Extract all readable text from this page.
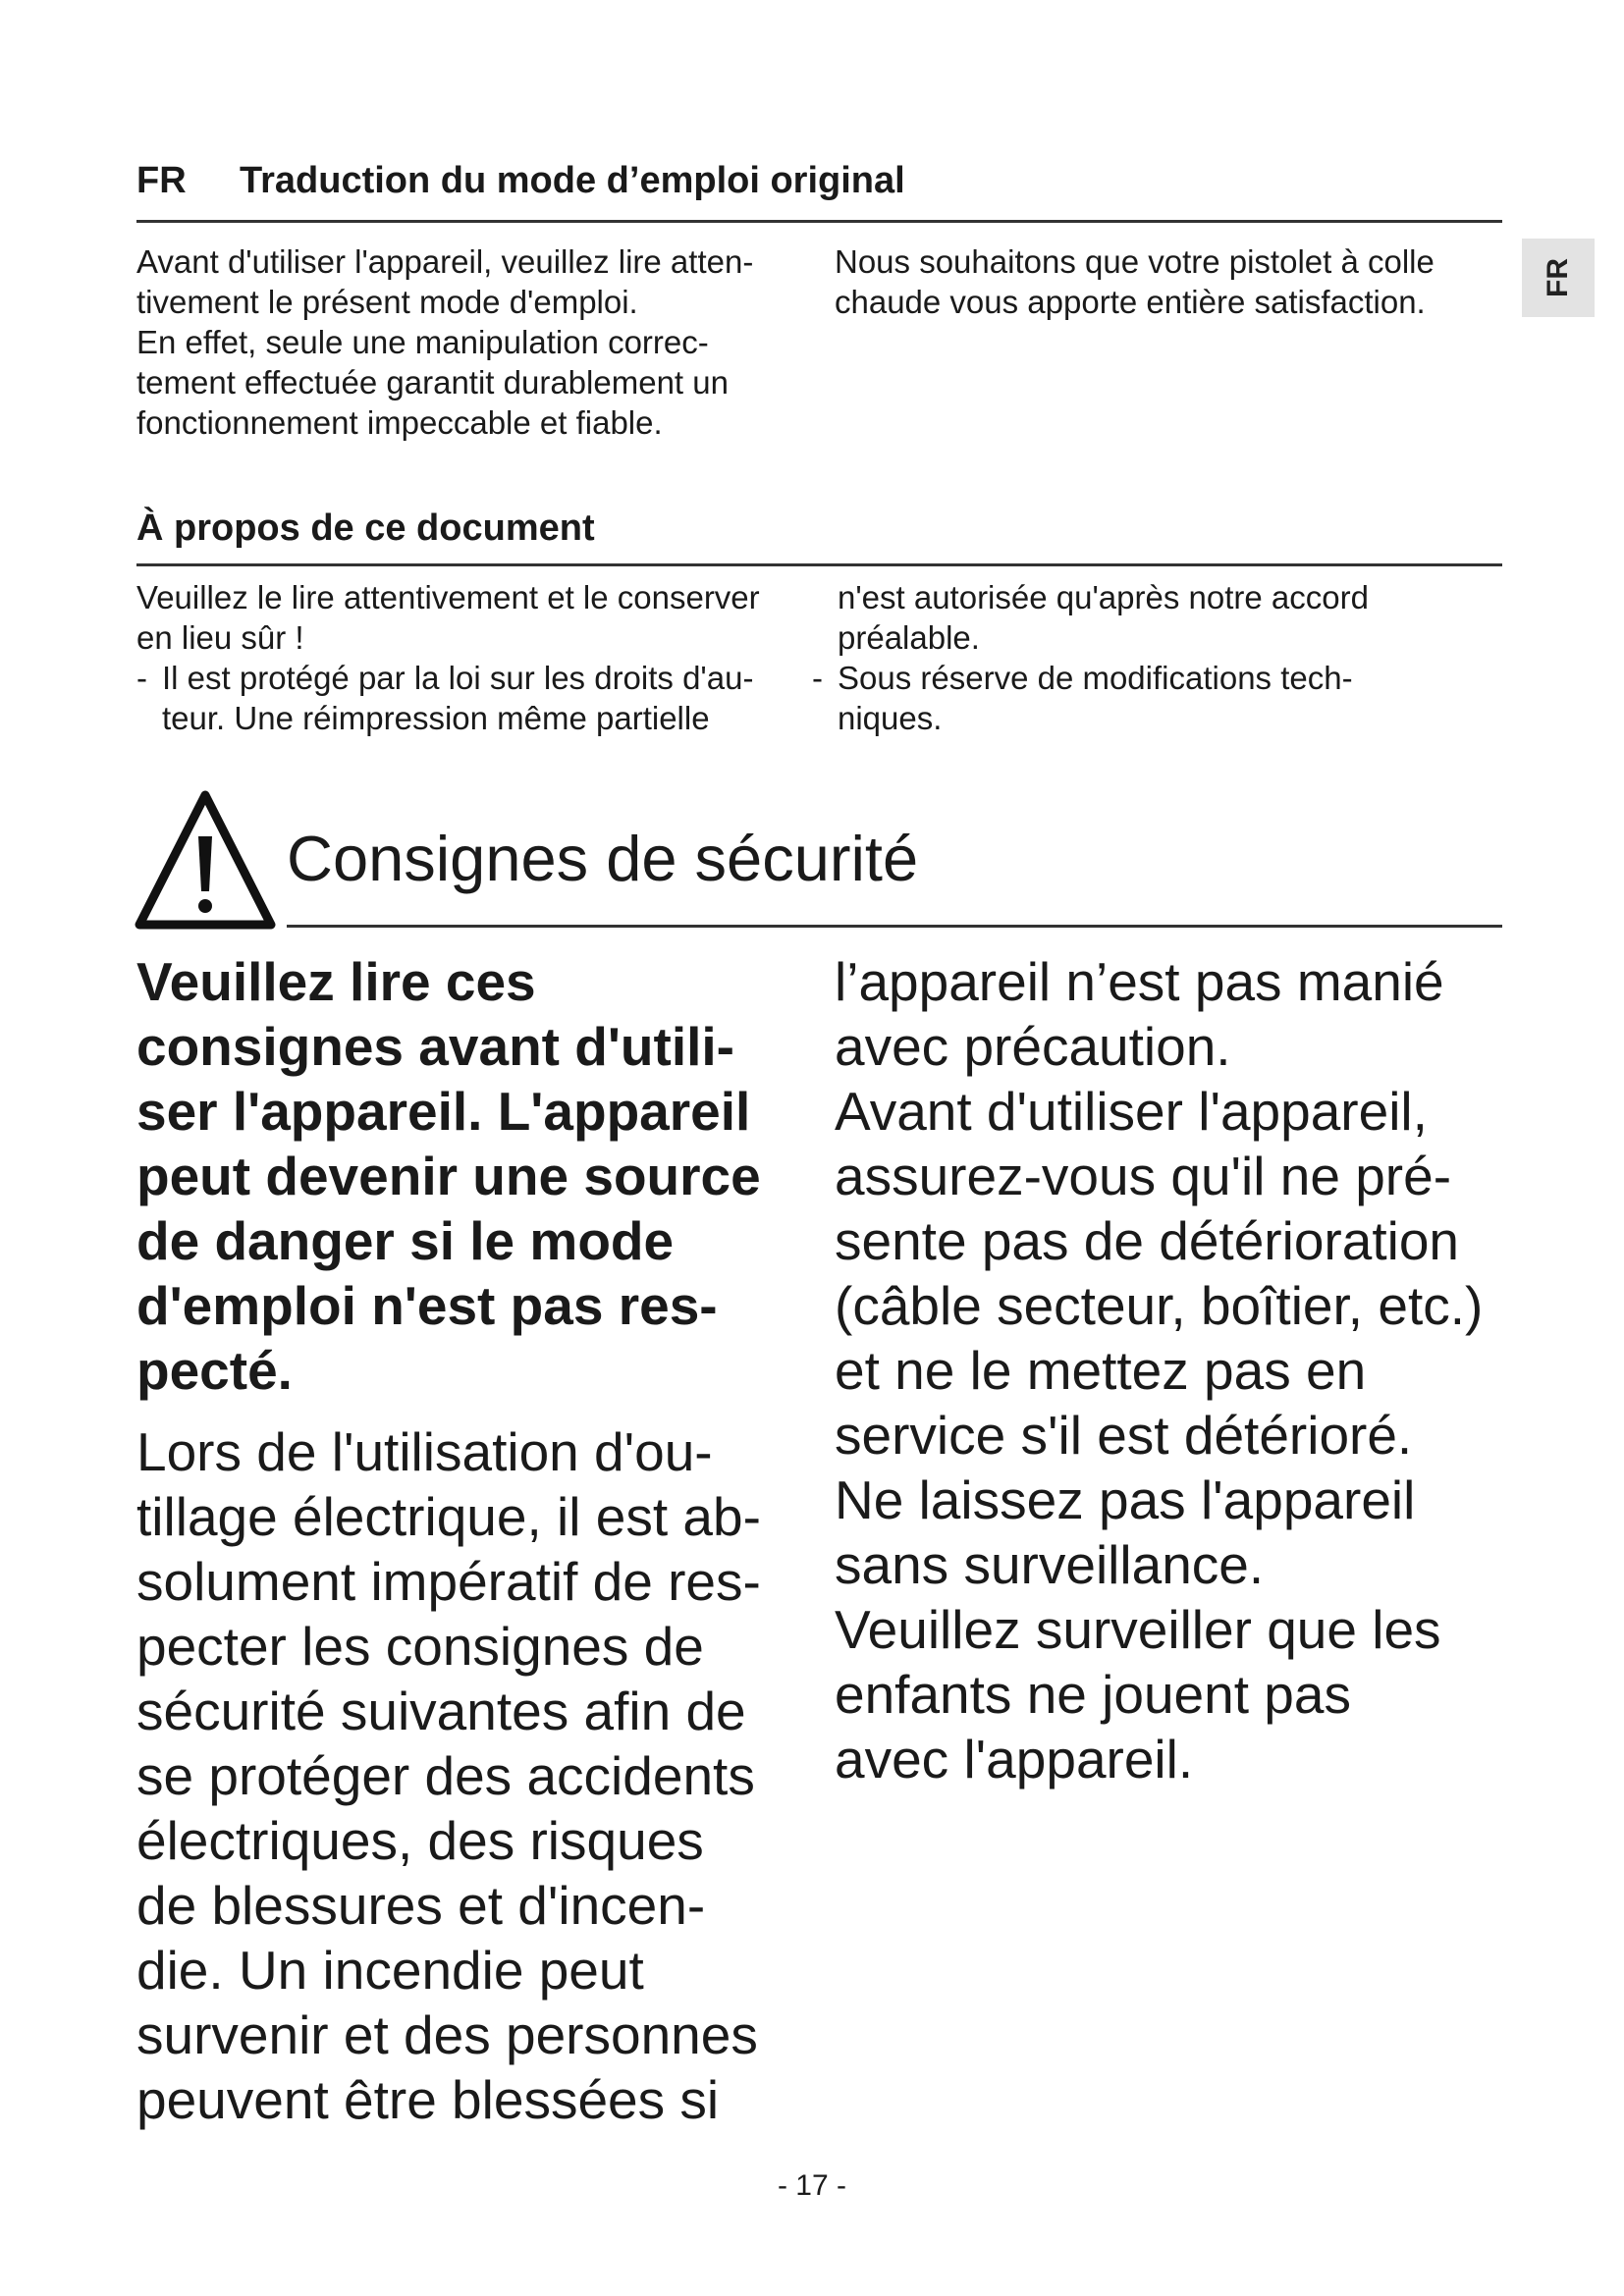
FR Traduction du mode d’emploi original
FR
Avant d'utiliser l'appareil, veuillez lire atten-
tivement le présent mode d'emploi.
En effet, seule une manipulation correc-
tement effectuée garantit durablement un
fonctionnement impeccable et fiable.
Nous souhaitons que votre pistolet à colle
chaude vous apporte entière satisfaction.
À propos de ce document
Veuillez le lire attentivement et le conserver
en lieu sûr !
- Il est protégé par la loi sur les droits d'au-
teur. Une réimpression même partielle
n'est autorisée qu'après notre accord
préalable.
- Sous réserve de modifications tech-
niques.
Consignes de sécurité
Veuillez lire ces
consignes avant d'utili-
ser l'appareil. L'appareil
peut devenir une source
de danger si le mode
d'emploi n'est pas res-
pecté.
Lors de l'utilisation d'ou-
tillage électrique, il est ab-
solument impératif de res-
pecter les consignes de
sécurité suivantes afin de
se protéger des accidents
électriques, des risques
de blessures et d'incen-
die. Un incendie peut
survenir et des personnes
peuvent être blessées si
l’appareil n’est pas manié
avec précaution.
Avant d'utiliser l'appareil,
assurez-vous qu'il ne pré-
sente pas de détérioration
(câble secteur, boîtier, etc.)
et ne le mettez pas en
service s'il est détérioré.
Ne laissez pas l'appareil
sans surveillance.
Veuillez surveiller que les
enfants ne jouent pas
avec l'appareil.
- 17 -
